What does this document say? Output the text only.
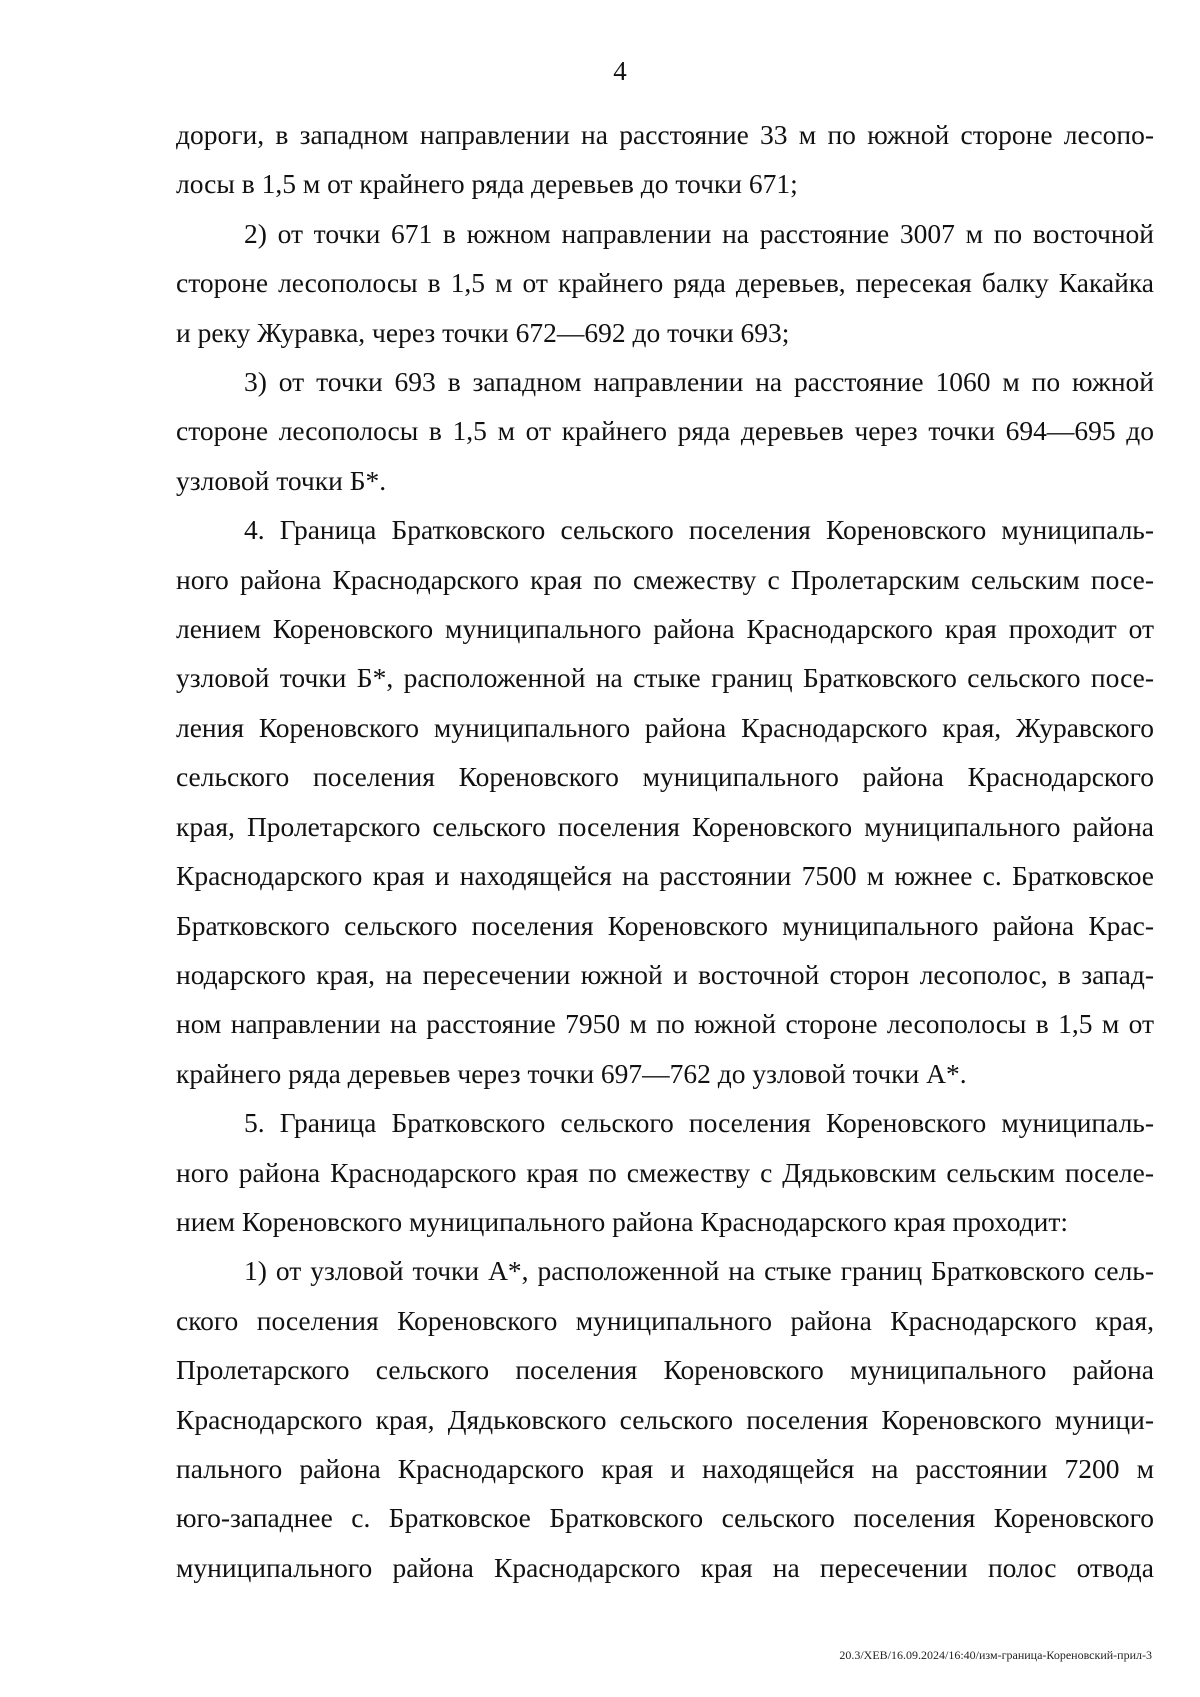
4
дороги, в западном направлении на расстояние 33 м по южной стороне лесопо-
лосы в 1,5 м от крайнего ряда деревьев до точки 671;
2) от точки 671 в южном направлении на расстояние 3007 м по восточной
стороне лесополосы в 1,5 м от крайнего ряда деревьев, пересекая балку Какайка
и реку Журавка, через точки 672—692 до точки 693;
3) от точки 693 в западном направлении на расстояние 1060 м по южной
стороне лесополосы в 1,5 м от крайнего ряда деревьев через точки 694—695 до
узловой точки Б*.
4. Граница Братковского сельского поселения Кореновского муниципаль-
ного района Краснодарского края по смежеству с Пролетарским сельским посе-
лением Кореновского муниципального района Краснодарского края проходит от
узловой точки Б*, расположенной на стыке границ Братковского сельского посе-
ления Кореновского муниципального района Краснодарского края, Журавского
сельского поселения Кореновского муниципального района Краснодарского
края, Пролетарского сельского поселения Кореновского муниципального района
Краснодарского края и находящейся на расстоянии 7500 м южнее с. Братковское
Братковского сельского поселения Кореновского муниципального района Крас-
нодарского края, на пересечении южной и восточной сторон лесополос, в запад-
ном направлении на расстояние 7950 м по южной стороне лесополосы в 1,5 м от
крайнего ряда деревьев через точки 697—762 до узловой точки А*.
5. Граница Братковского сельского поселения Кореновского муниципаль-
ного района Краснодарского края по смежеству с Дядьковским сельским поселе-
нием Кореновского муниципального района Краснодарского края проходит:
1) от узловой точки А*, расположенной на стыке границ Братковского сель-
ского поселения Кореновского муниципального района Краснодарского края,
Пролетарского сельского поселения Кореновского муниципального района
Краснодарского края, Дядьковского сельского поселения Кореновского муници-
пального района Краснодарского края и находящейся на расстоянии 7200 м
юго-западнее с. Братковское Братковского сельского поселения Кореновского
муниципального района Краснодарского края на пересечении полос отвода
20.3/ХЕВ/16.09.2024/16:40/изм-граница-Кореновский-прил-3
